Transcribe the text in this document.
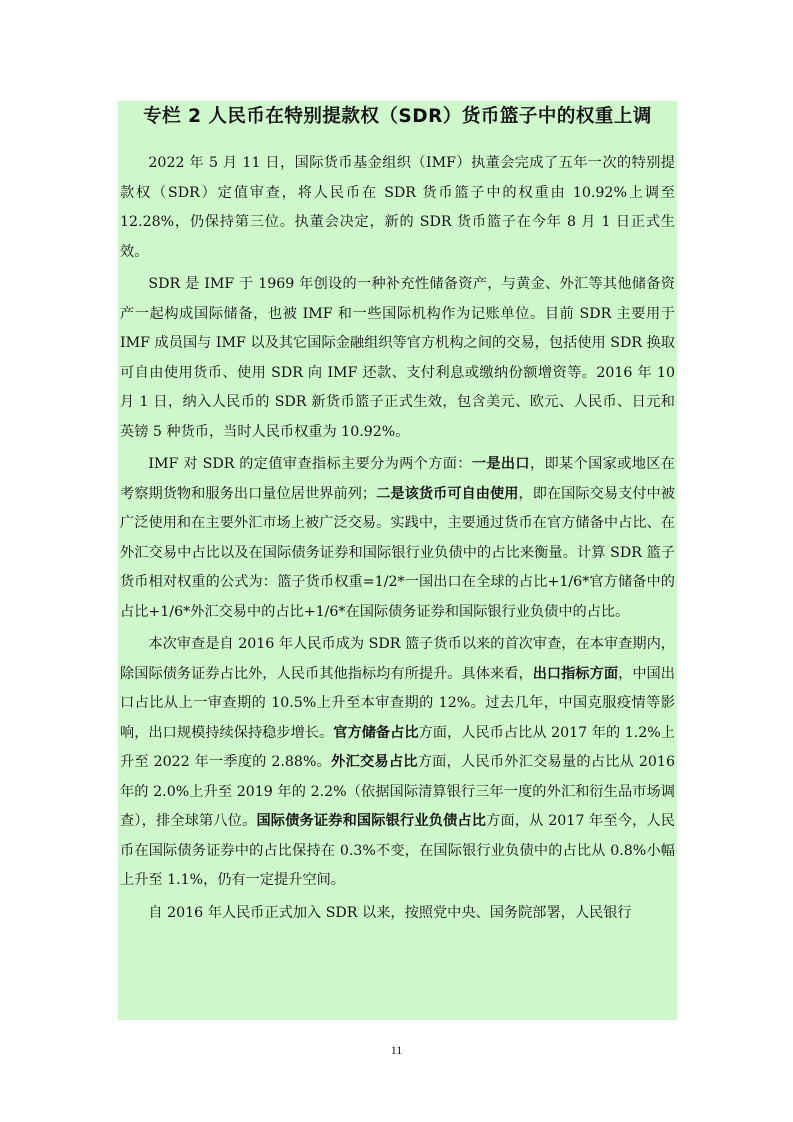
专栏 2 人民币在特别提款权（SDR）货币篮子中的权重上调

2022 年 5 月 11 日，国际货币基金组织（IMF）执董会完成了五年一次的特别提款权（SDR）定值审查，将人民币在 SDR 货币篮子中的权重由 10.92%上调至 12.28%，仍保持第三位。执董会决定，新的 SDR 货币篮子在今年 8 月 1 日正式生效。

SDR 是 IMF 于 1969 年创设的一种补充性储备资产，与黄金、外汇等其他储备资产一起构成国际储备，也被 IMF 和一些国际机构作为记账单位。目前 SDR 主要用于 IMF 成员国与 IMF 以及其它国际金融组织等官方机构之间的交易，包括使用 SDR 换取可自由使用货币、使用 SDR 向 IMF 还款、支付利息或缴纳份额增资等。2016 年 10 月 1 日，纳入人民币的 SDR 新货币篮子正式生效，包含美元、欧元、人民币、日元和英镑 5 种货币，当时人民币权重为 10.92%。

IMF 对 SDR 的定值审查指标主要分为两个方面：一是出口，即某个国家或地区在考察期货物和服务出口量位居世界前列；二是该货币可自由使用，即在国际交易支付中被广泛使用和在主要外汇市场上被广泛交易。实践中，主要通过货币在官方储备中占比、在外汇交易中占比以及在国际债务证券和国际银行业负债中的占比来衡量。计算 SDR 篮子货币相对权重的公式为：篮子货币权重=1/2*一国出口在全球的占比+1/6*官方储备中的占比+1/6*外汇交易中的占比+1/6*在国际债务证券和国际银行业负债中的占比。

本次审查是自 2016 年人民币成为 SDR 篮子货币以来的首次审查，在本审查期内，除国际债务证券占比外，人民币其他指标均有所提升。具体来看，出口指标方面，中国出口占比从上一审查期的 10.5%上升至本审查期的 12%。过去几年，中国克服疫情等影响，出口规模持续保持稳步增长。官方储备占比方面，人民币占比从 2017 年的 1.2%上升至 2022 年一季度的 2.88%。外汇交易占比方面，人民币外汇交易量的占比从 2016 年的 2.0%上升至 2019 年的 2.2%（依据国际清算银行三年一度的外汇和衍生品市场调查），排全球第八位。国际债务证券和国际银行业负债占比方面，从 2017 年至今，人民币在国际债务证券中的占比保持在 0.3%不变，在国际银行业负债中的占比从 0.8%小幅上升至 1.1%，仍有一定提升空间。

自 2016 年人民币正式加入 SDR 以来，按照党中央、国务院部署，人民银行

11
